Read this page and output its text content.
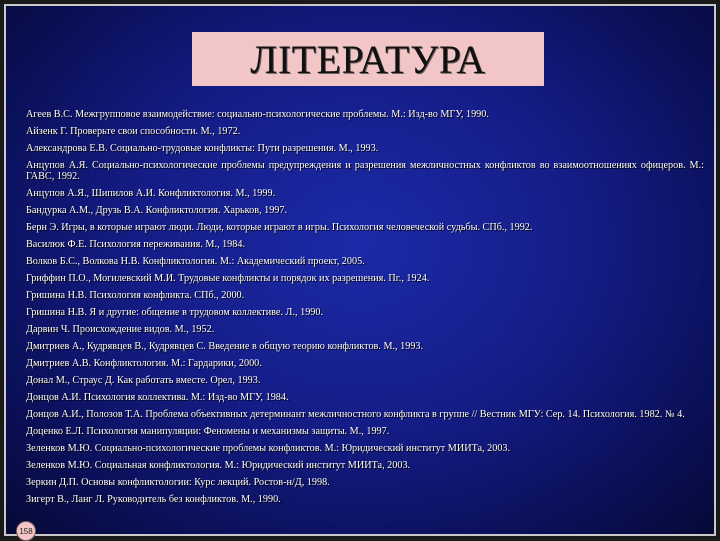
ЛІТЕРАТУРА
Агеев В.С. Межгрупповое взаимодействие: социально-психологические проблемы. М.: Изд-во МГУ, 1990.
Айзенк Г. Проверьте свои способности. М., 1972.
Александрова Е.В. Социально-трудовые конфликты: Пути разрешения. М., 1993.
Анцупов А.Я. Социально-психологические проблемы предупреждения и разрешения межличностных конфликтов во взаимоотношениях офицеров. М.: ГАВС, 1992.
Анцупов А.Я., Шипилов А.И. Конфликтология. М., 1999.
Бандурка А.М., Друзь В.А. Конфликтология. Харьков, 1997.
Берн Э. Игры, в которые играют люди. Люди, которые играют в игры. Психология человеческой судьбы. СПб., 1992.
Василюк Ф.Е. Психология переживания. М., 1984.
Волков Б.С., Волкова Н.В. Конфликтология. М.: Академический проект, 2005.
Гриффин П.О., Могилевский М.И. Трудовые конфликты и порядок их разрешения. Пг., 1924.
Гришина Н.В. Психология конфликта. СПб., 2000.
Гришина Н.В. Я и другие: общение в трудовом коллективе. Л., 1990.
Дарвин Ч. Происхождение видов. М., 1952.
Дмитриев А., Кудрявцев В., Кудрявцев С. Введение в общую теорию конфликтов. М., 1993.
Дмитриев А.В. Конфликтология. М.: Гардарики, 2000.
Донал М., Страус Д. Как работать вместе. Орел, 1993.
Донцов А.И. Психология коллектива. М.: Изд-во МГУ, 1984.
Донцов А.И., Полозов Т.А. Проблема объективных детерминант межличностного конфликта в группе // Вестник МГУ: Сер. 14. Психология. 1982. № 4.
Доценко Е.Л. Психология манипуляции: Феномены и механизмы защиты. М., 1997.
Зеленков М.Ю. Социально-психологические проблемы конфликтов. М.: Юридический институт МИИТа, 2003.
Зеленков М.Ю. Социальная конфликтология. М.: Юридический институт МИИТа, 2003.
Зеркин Д.П. Основы конфликтологии: Курс лекций. Ростов-н/Д, 1998.
Зигерт В., Ланг Л. Руководитель без конфликтов. М., 1990.
158
